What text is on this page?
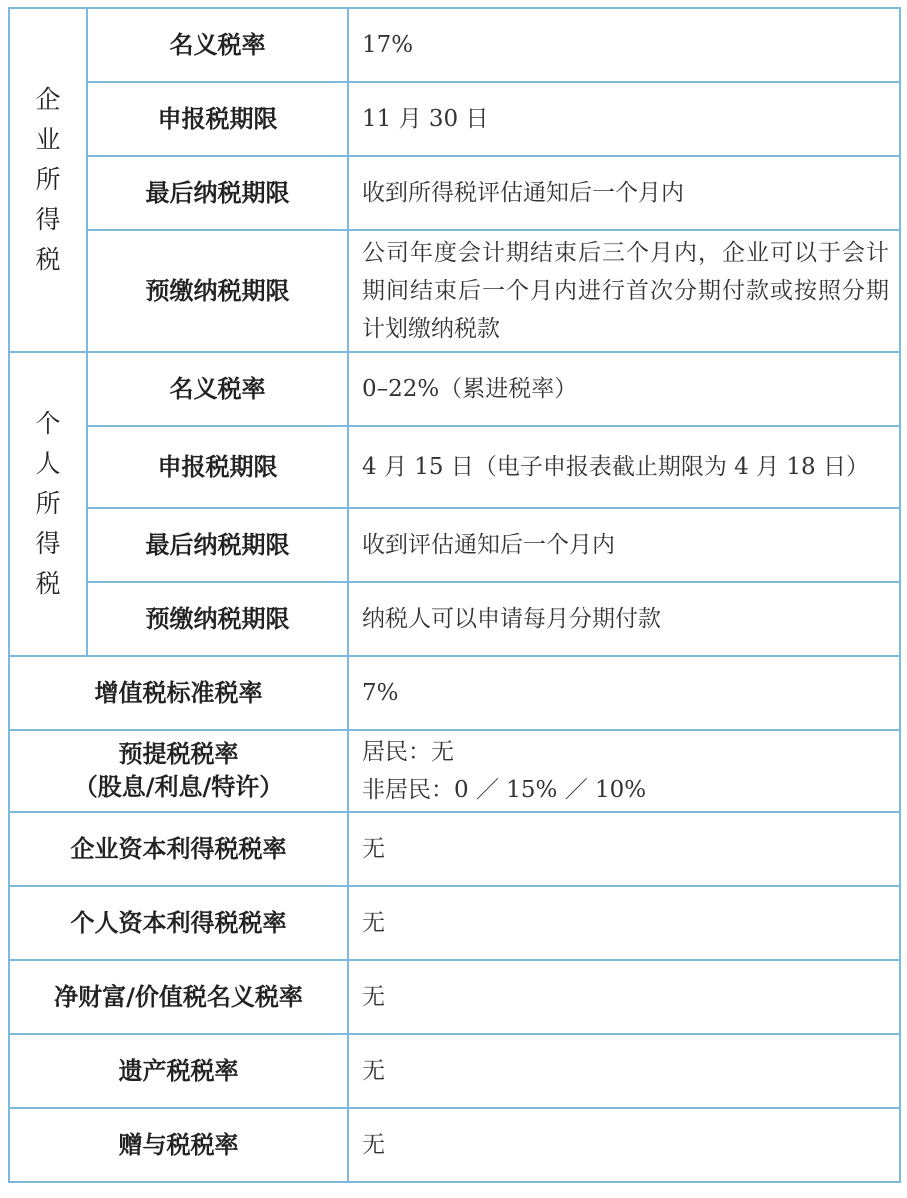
企
业
所
得
税	名义税率	17%
	申报税期限	11 月 30 日
	最后纳税期限	收到所得税评估通知后一个月内
	预缴纳税期限	公司年度会计期结束后三个月内，企业可以于会计期间结束后一个月内进行首次分期付款或按照分期计划缴纳税款

个
人
所
得
税	名义税率	0–22%（累进税率）
	申报税期限	4 月 15 日（电子申报表截止期限为 4 月 18 日）
	最后纳税期限	收到评估通知后一个月内
	预缴纳税期限	纳税人可以申请每月分期付款
增值税标准税率		7%

预提税税率
（股息/利息/特许）		居民：无
非居民：0 ／ 15% ／ 10%

企业资本利得税税率		无
个人资本利得税税率		无
净财富/价值税名义税率		无
遗产税税率		无
赠与税税率		无
